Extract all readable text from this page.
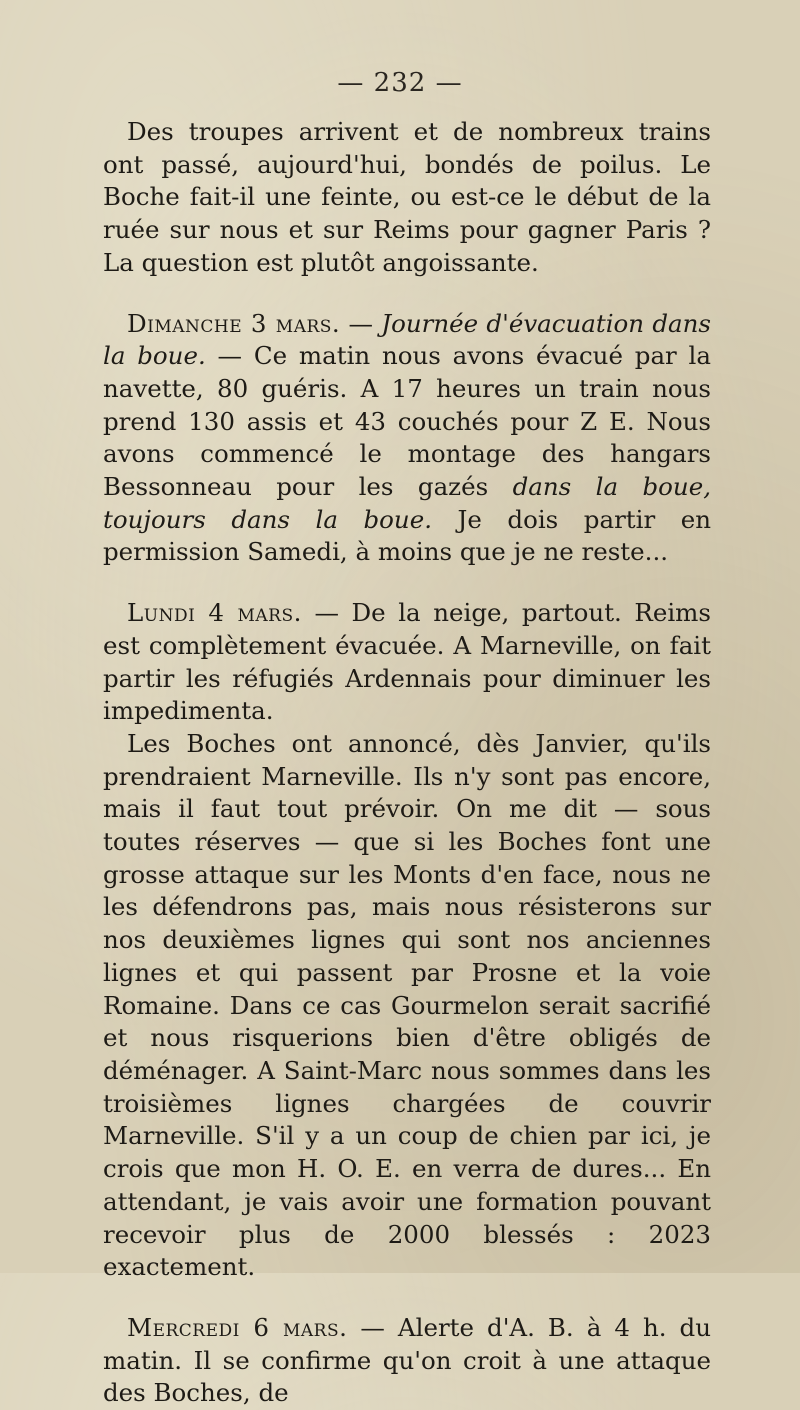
— 232 —

Des troupes arrivent et de nombreux trains ont passé, aujourd'hui, bondés de poilus. Le Boche fait-il une feinte, ou est-ce le début de la ruée sur nous et sur Reims pour gagner Paris ? La question est plutôt angoissante.

Dimanche 3 mars. — Journée d'évacuation dans la boue. — Ce matin nous avons évacué par la navette, 80 guéris. A 17 heures un train nous prend 130 assis et 43 couchés pour Z E. Nous avons commencé le montage des hangars Bessonneau pour les gazés dans la boue, toujours dans la boue. Je dois partir en permission Samedi, à moins que je ne reste...

Lundi 4 mars. — De la neige, partout. Reims est complètement évacuée. A Marneville, on fait partir les réfugiés Ardennais pour diminuer les impedimenta.

Les Boches ont annoncé, dès Janvier, qu'ils prendraient Marneville. Ils n'y sont pas encore, mais il faut tout prévoir. On me dit — sous toutes réserves — que si les Boches font une grosse attaque sur les Monts d'en face, nous ne les défendrons pas, mais nous résisterons sur nos deuxièmes lignes qui sont nos anciennes lignes et qui passent par Prosne et la voie Romaine. Dans ce cas Gourmelon serait sacrifié et nous risquerions bien d'être obligés de déménager. A Saint-Marc nous sommes dans les troisièmes lignes chargées de couvrir Marneville. S'il y a un coup de chien par ici, je crois que mon H. O. E. en verra de dures... En attendant, je vais avoir une formation pouvant recevoir plus de 2000 blessés : 2023 exactement.

Mercredi 6 mars. — Alerte d'A. B. à 4 h. du matin. Il se confirme qu'on croit à une attaque des Boches, de
